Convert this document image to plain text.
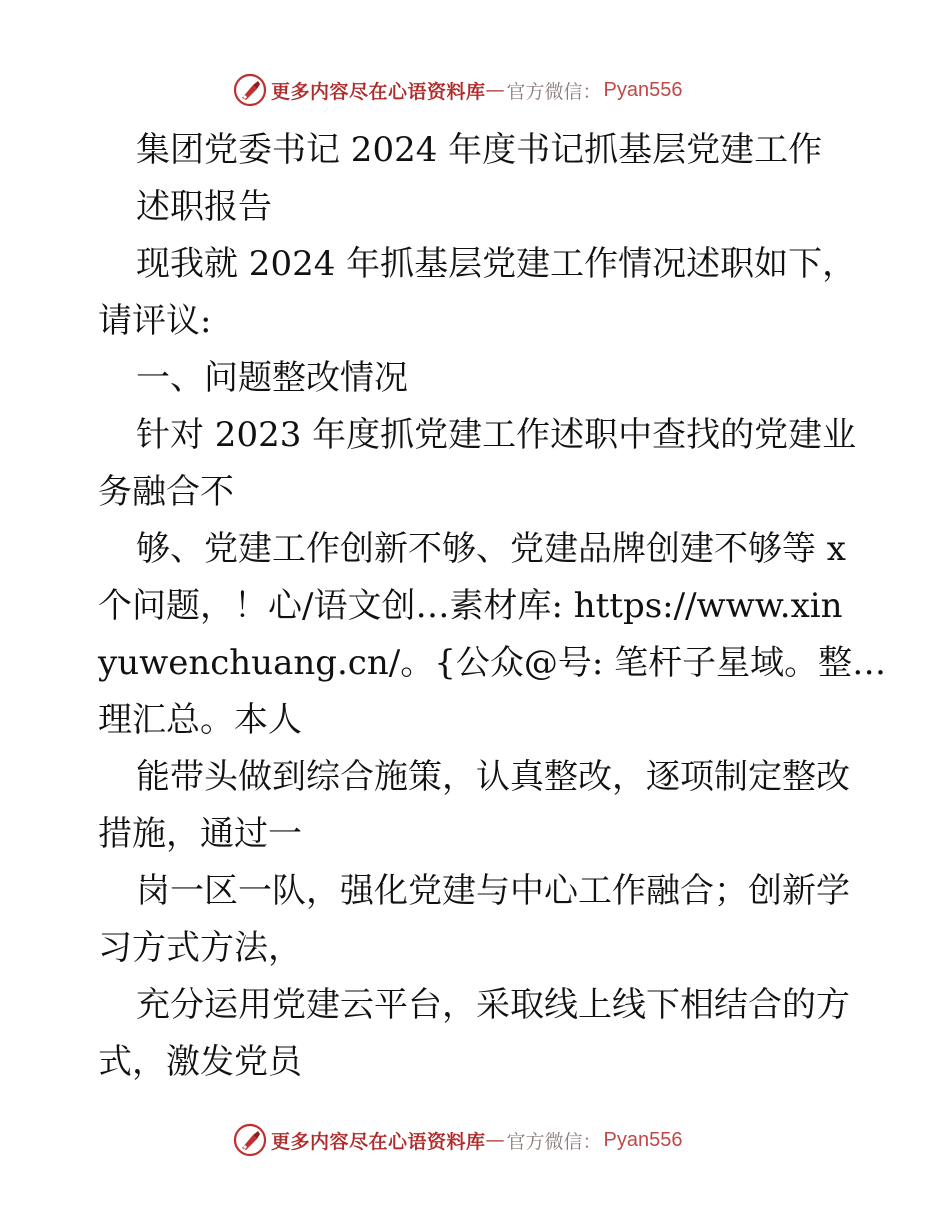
更多内容尽在心语资料库 — 官方微信： Pyan556
集团党委书记 2024 年度书记抓基层党建工作
述职报告
现我就 2024 年抓基层党建工作情况述职如下，
请评议:
一、问题整改情况
针对 2023 年度抓党建工作述职中查找的党建业
务融合不
够、党建工作创新不够、党建品牌创建不够等 x
个问题，！心/语文创…素材库: https://www.xin
yuwenchuang.cn/。{公众@号: 笔杆子星域。整…
理汇总。本人
能带头做到综合施策，认真整改，逐项制定整改
措施，通过一
岗一区一队，强化党建与中心工作融合；创新学
习方式方法，
充分运用党建云平台，采取线上线下相结合的方
式，激发党员
更多内容尽在心语资料库 — 官方微信： Pyan556
